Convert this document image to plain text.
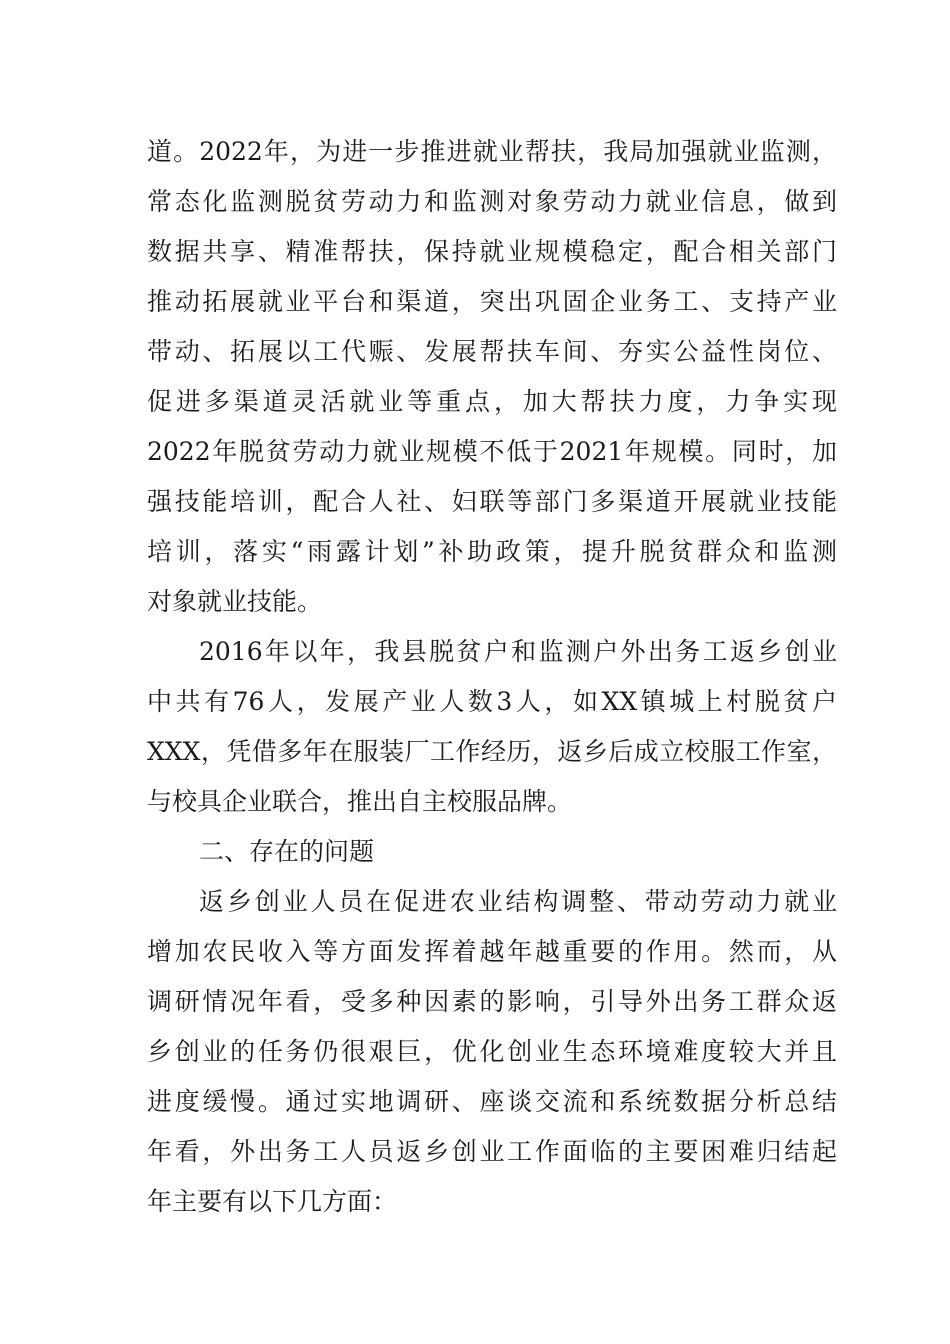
道。2022年，为进一步推进就业帮扶，我局加强就业监测，
常态化监测脱贫劳动力和监测对象劳动力就业信息，做到
数据共享、精准帮扶，保持就业规模稳定，配合相关部门
推动拓展就业平台和渠道，突出巩固企业务工、支持产业
带动、拓展以工代赈、发展帮扶车间、夯实公益性岗位、
促进多渠道灵活就业等重点，加大帮扶力度，力争实现
2022年脱贫劳动力就业规模不低于2021年规模。同时，加
强技能培训，配合人社、妇联等部门多渠道开展就业技能
培训，落实“雨露计划”补助政策，提升脱贫群众和监测
对象就业技能。
2016年以年，我县脱贫户和监测户外出务工返乡创业
中共有76人，发展产业人数3人，如XX镇城上村脱贫户
XXX，凭借多年在服装厂工作经历，返乡后成立校服工作室，
与校具企业联合，推出自主校服品牌。
二、存在的问题
返乡创业人员在促进农业结构调整、带动劳动力就业
增加农民收入等方面发挥着越年越重要的作用。然而，从
调研情况年看，受多种因素的影响，引导外出务工群众返
乡创业的任务仍很艰巨，优化创业生态环境难度较大并且
进度缓慢。通过实地调研、座谈交流和系统数据分析总结
年看，外出务工人员返乡创业工作面临的主要困难归结起
年主要有以下几方面：
